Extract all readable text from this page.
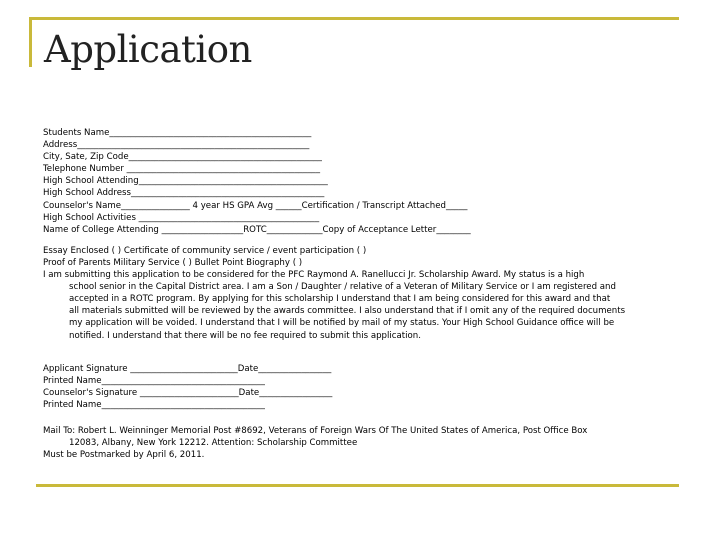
Application
Students Name_______________________________________________
Address______________________________________________________
City, Sate, Zip Code_____________________________________________
Telephone Number _____________________________________________
High School Attending____________________________________________
High School Address_____________________________________________
Counselor's Name________________ 4 year HS GPA Avg ______Certification / Transcript Attached_____
High School Activities __________________________________________
Name of College Attending ___________________ROTC_____________Copy of Acceptance Letter________
Essay Enclosed ( ) Certificate of community service / event participation ( )
Proof of Parents Military Service ( ) Bullet Point Biography ( )
I am submitting this application to be considered for the PFC Raymond A. Ranellucci Jr. Scholarship Award. My status is a high
school senior in the Capital District area. I am a Son / Daughter / relative of a Veteran of Military Service or I am registered and
accepted in a ROTC program. By applying for this scholarship I understand that I am being considered for this award and that
all materials submitted will be reviewed by the awards committee. I also understand that if I omit any of the required documents
my application will be voided. I understand that I will be notified by mail of my status. Your High School Guidance office will be
notified. I understand that there will be no fee required to submit this application.
Applicant Signature _________________________Date_________________
Printed Name______________________________________
Counselor's Signature _______________________Date_________________
Printed Name______________________________________
Mail To: Robert L. Weinninger Memorial Post #8692, Veterans of Foreign Wars Of The United States of America, Post Office Box
12083, Albany, New York 12212. Attention: Scholarship Committee
Must be Postmarked by April 6, 2011.
